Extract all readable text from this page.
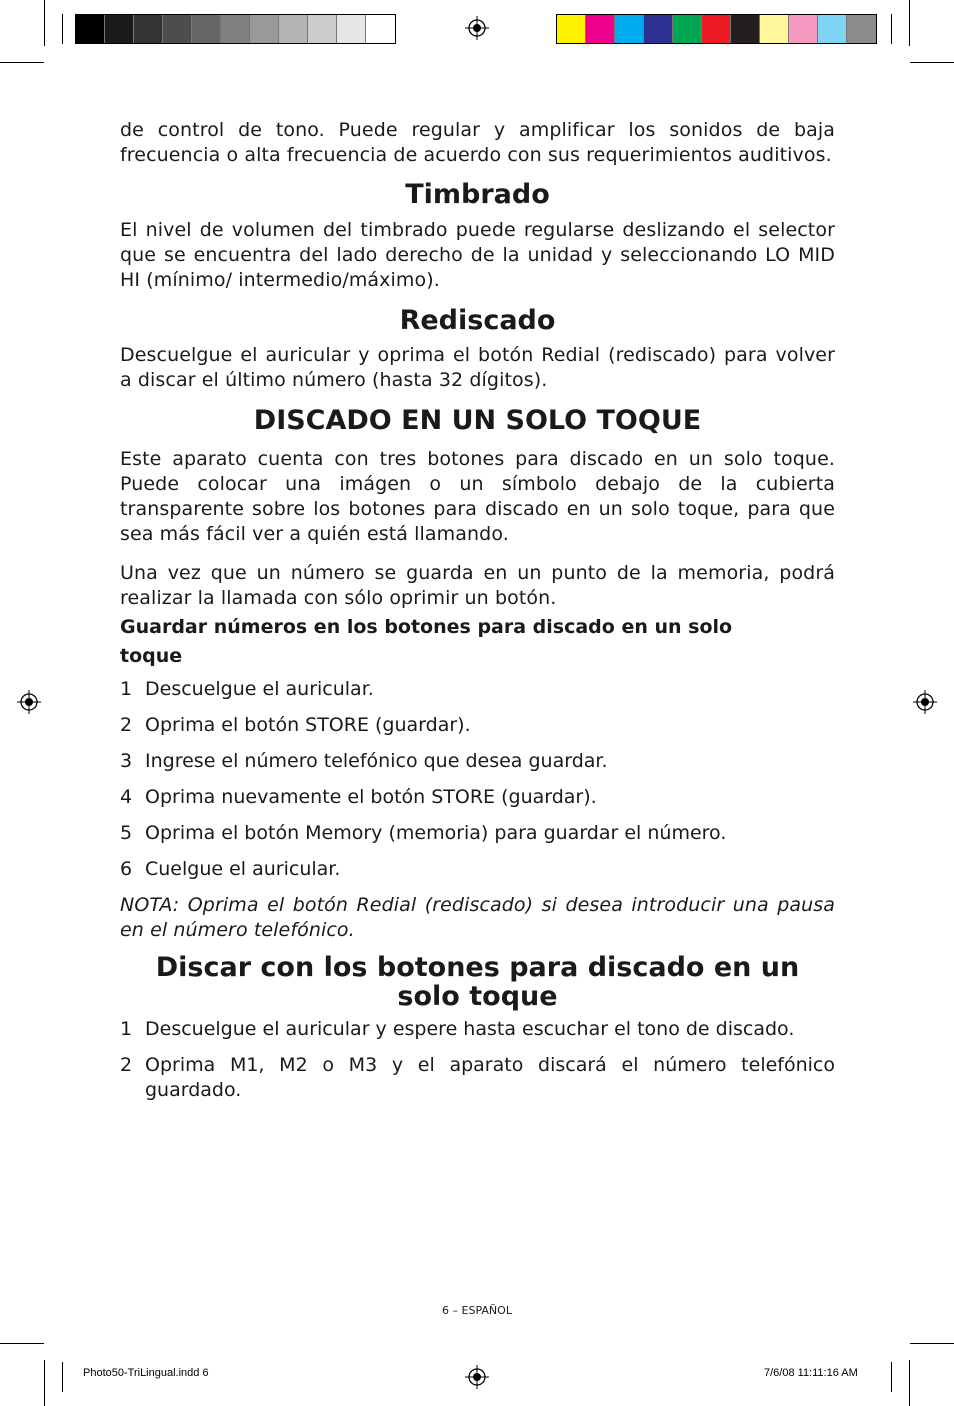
de control de tono. Puede regular y amplificar los sonidos de baja frecuencia o alta frecuencia de acuerdo con sus requerimientos auditivos.

Timbrado

El nivel de volumen del timbrado puede regularse deslizando el selector que se encuentra del lado derecho de la unidad y seleccionando LO MID HI (mínimo/ intermedio/máximo).

Rediscado

Descuelgue el auricular y oprima el botón Redial (rediscado) para volver a discar el último número (hasta 32 dígitos).

DISCADO EN UN SOLO TOQUE

Este aparato cuenta con tres botones para discado en un solo toque. Puede colocar una imágen o un símbolo debajo de la cubierta transparente sobre los botones para discado en un solo toque, para que sea más fácil ver a quién está llamando.

Una vez que un número se guarda en un punto de la memoria, podrá realizar la llamada con sólo oprimir un botón.

Guardar números en los botones para discado en un solo toque
1 Descuelgue el auricular.
2 Oprima el botón STORE (guardar).
3 Ingrese el número telefónico que desea guardar.
4 Oprima nuevamente el botón STORE (guardar).
5 Oprima el botón Memory (memoria) para guardar el número.
6 Cuelgue el auricular.

NOTA: Oprima el botón Redial (rediscado) si desea introducir una pausa en el número telefónico.

Discar con los botones para discado en un solo toque
1 Descuelgue el auricular y espere hasta escuchar el tono de discado.
2 Oprima M1, M2 o M3 y el aparato discará el número telefónico guardado.
6 – ESPAÑOL
Photo50-TriLingual.indd 6	7/6/08 11:11:16 AM
